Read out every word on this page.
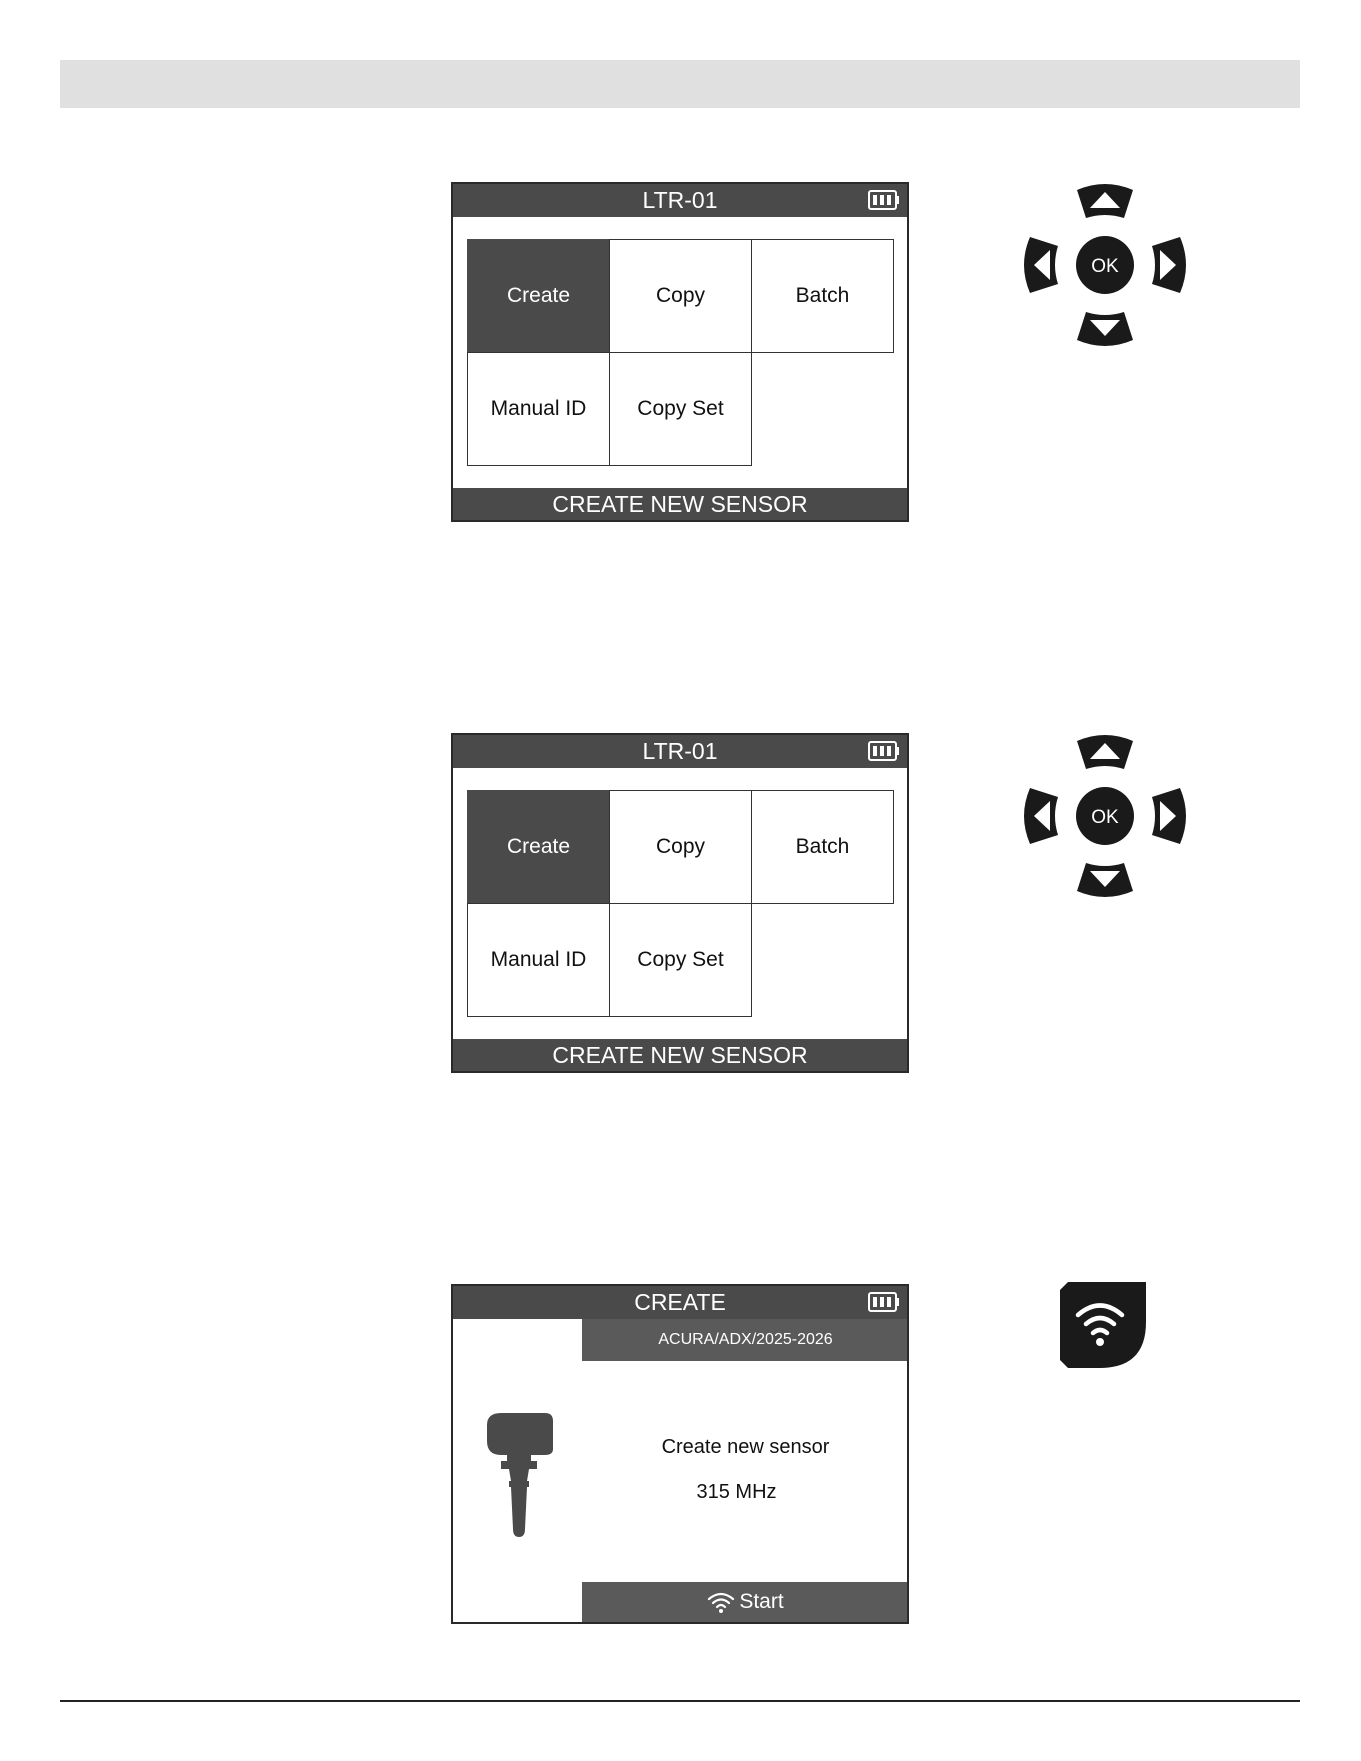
LTR-01
Create	Copy	Batch
Manual ID	Copy Set
CREATE NEW SENSOR
OK
LTR-01
Create	Copy	Batch
Manual ID	Copy Set
CREATE NEW SENSOR
OK
CREATE
ACURA/ADX/2025-2026
Create new sensor
315 MHz
Start
